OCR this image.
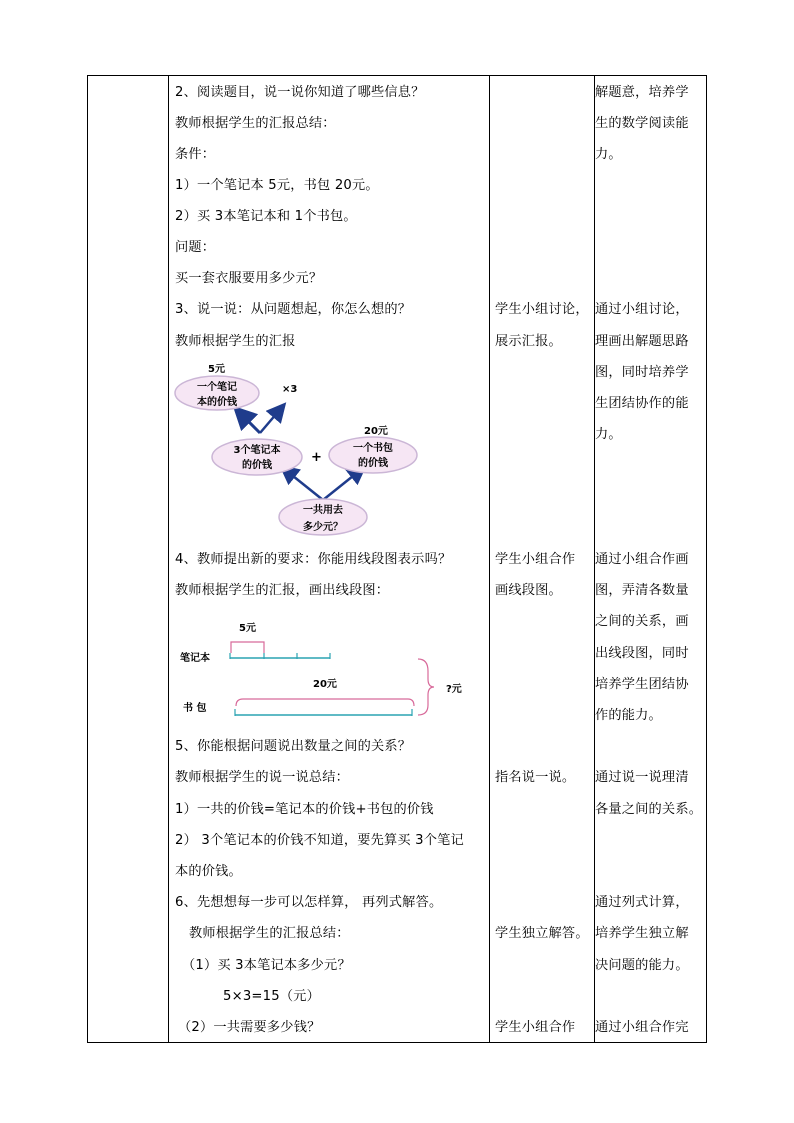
2、阅读题目，说一说你知道了哪些信息？
教师根据学生的汇报总结：
条件：
1）一个笔记本 5元，书包 20元。
2）买 3本笔记本和 1个书包。
问题：
买一套衣服要用多少元？
3、说一说：从问题想起，你怎么想的？
教师根据学生的汇报
4、教师提出新的要求：你能用线段图表示吗？
教师根据学生的汇报，画出线段图：
5、你能根据问题说出数量之间的关系？
教师根据学生的说一说总结：
1）一共的价钱=笔记本的价钱+书包的价钱
2） 3个笔记本的价钱不知道，要先算买 3个笔记
本的价钱。
6、先想想每一步可以怎样算， 再列式解答。
教师根据学生的汇报总结：
（1）买 3本笔记本多少元？
5×3=15（元）
（2）一共需要多少钱？
学生小组讨论，
展示汇报。
学生小组合作
画线段图。
指名说一说。
学生独立解答。
学生小组合作
解题意，培养学
生的数学阅读能
力。
通过小组讨论，
理画出解题思路
图，同时培养学
生团结协作的能
力。
通过小组合作画
图，弄清各数量
之间的关系，画
出线段图，同时
培养学生团结协
作的能力。
通过说一说理清
各量之间的关系。
通过列式计算，
培养学生独立解
决问题的能力。
通过小组合作完
5元
一个笔记
本的价钱
×3
20元
3个笔记本
的价钱
+
一个书包
的价钱
一共用去
多少元？
5元
笔记本
20元
书 包
?元
